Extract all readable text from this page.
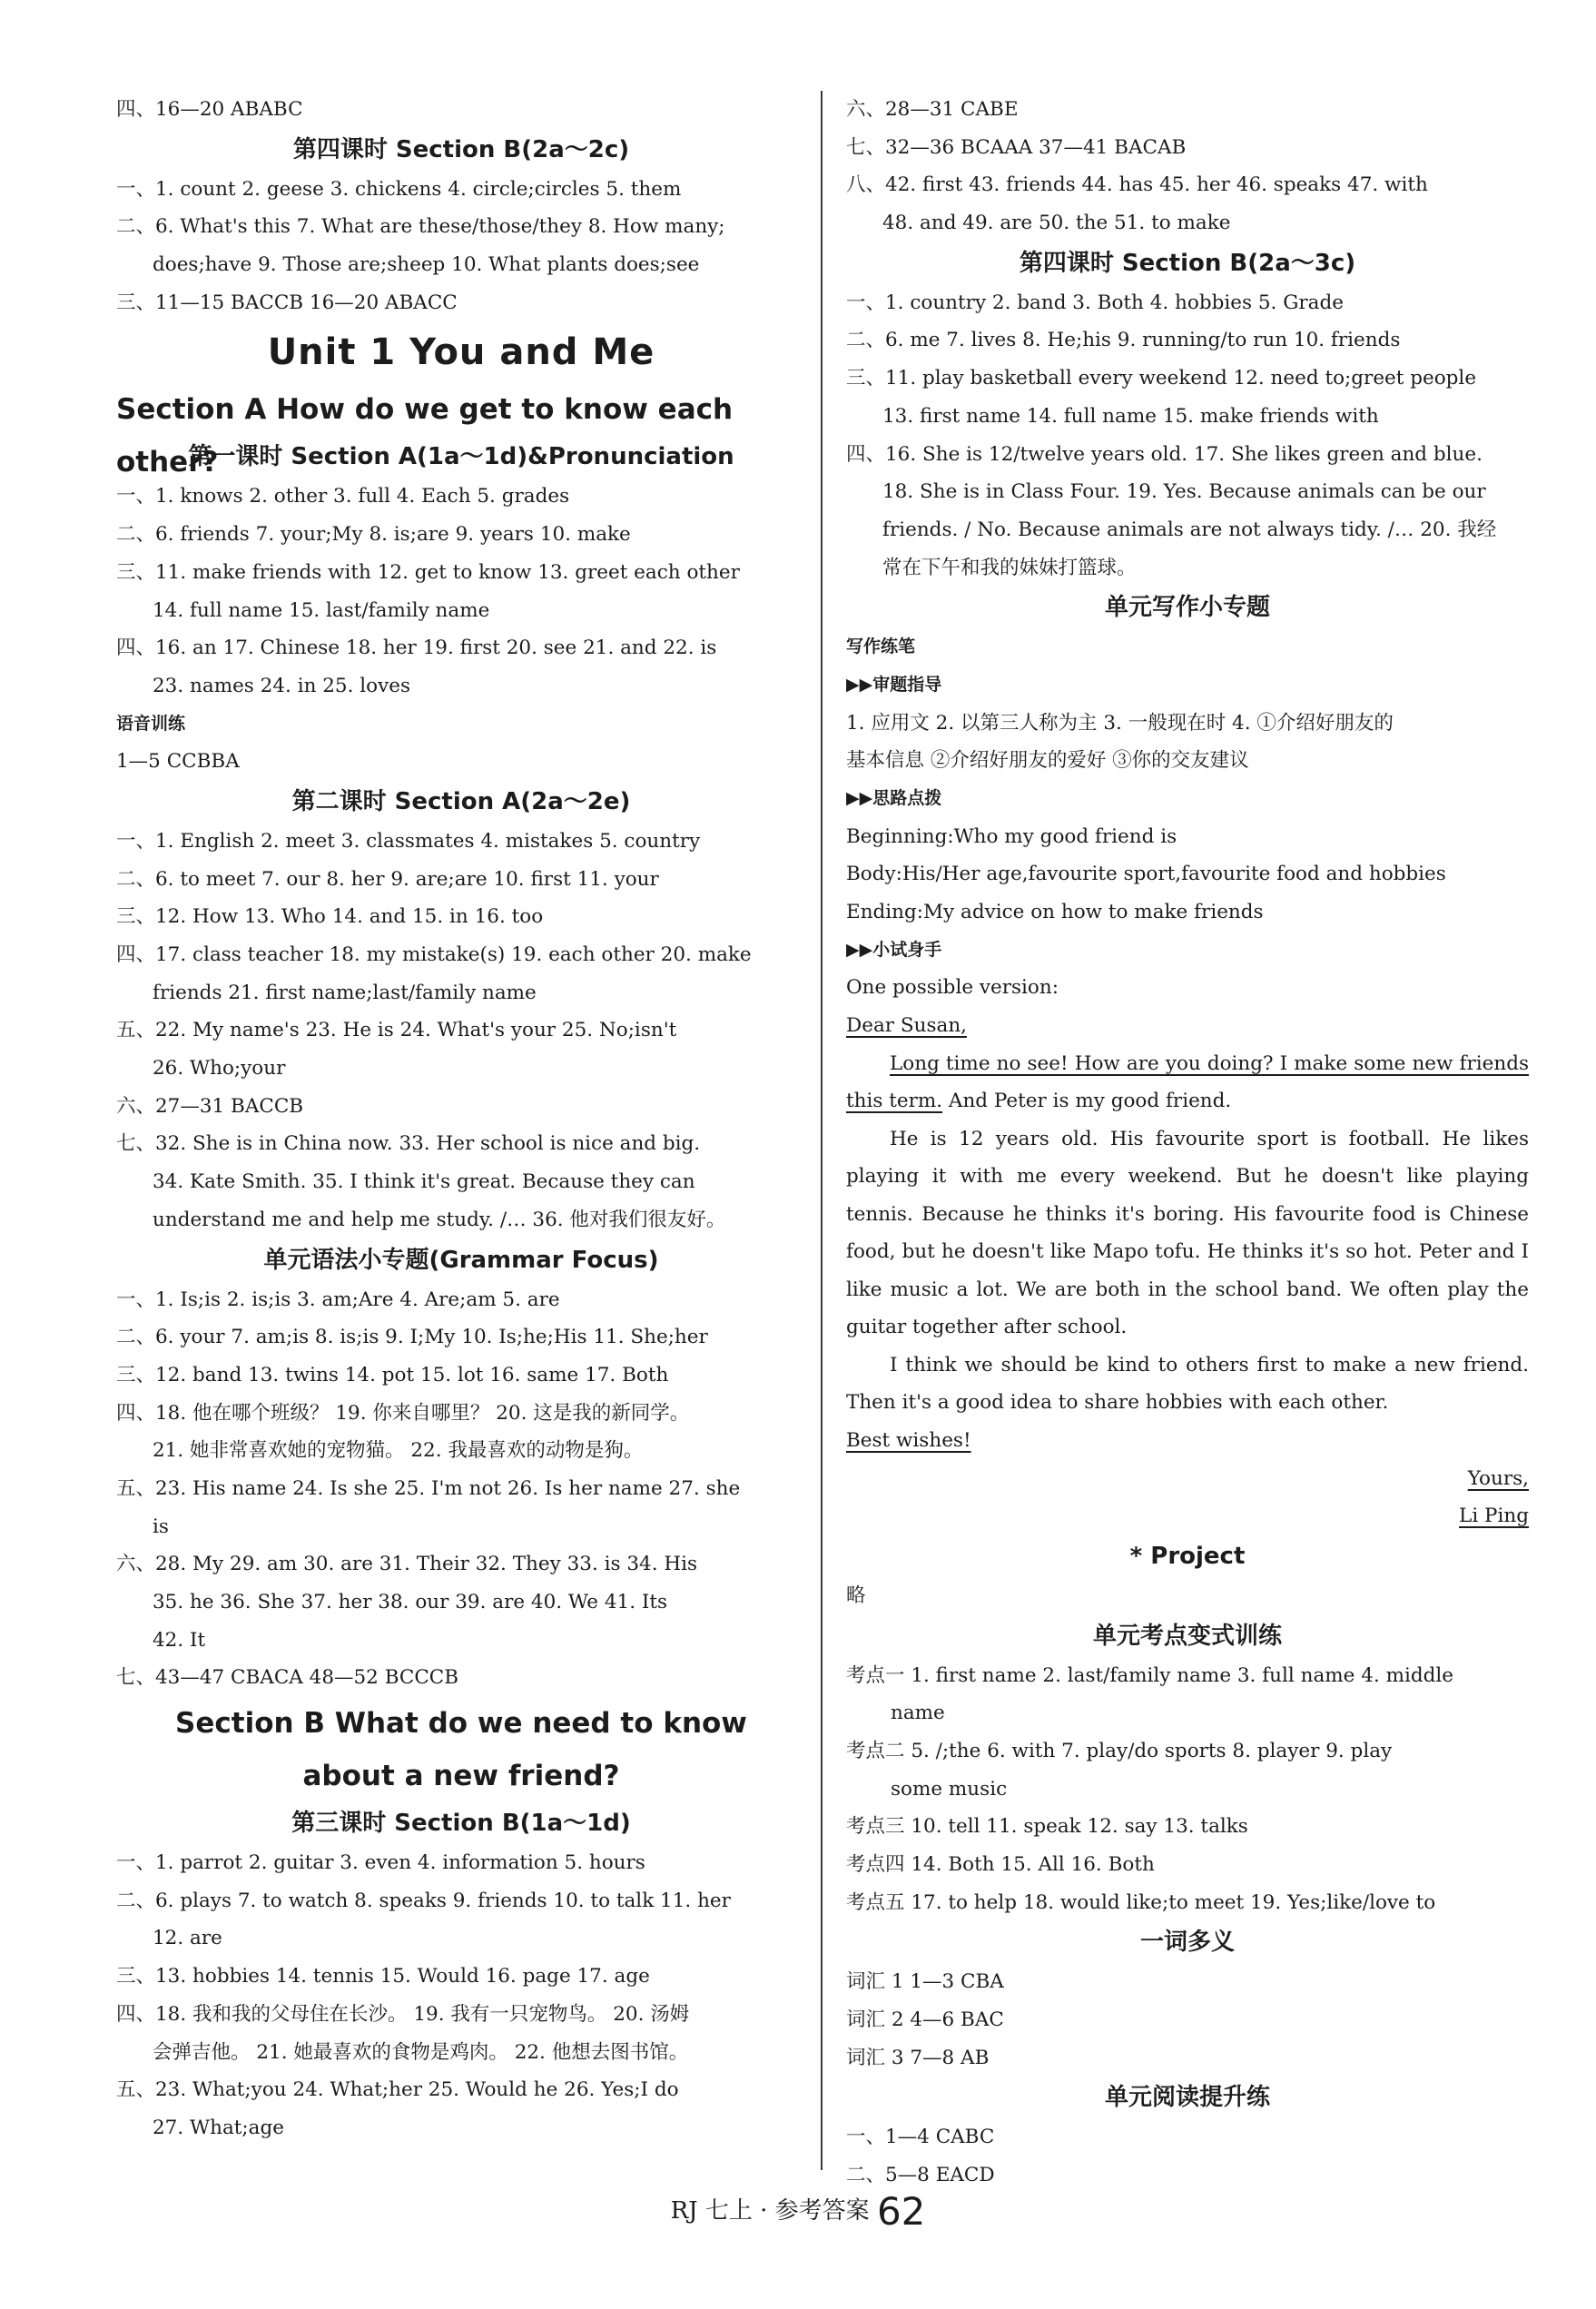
四、16—20 ABABC
第四课时 Section B(2a～2c)
一、1. count 2. geese 3. chickens 4. circle;circles 5. them
二、6. What's this 7. What are these/those/they 8. How many;
does;have 9. Those are;sheep 10. What plants does;see
三、11—15 BACCB 16—20 ABACC
Unit 1 You and Me
Section A How do we get to know each other?
第一课时 Section A(1a～1d)&Pronunciation
一、1. knows 2. other 3. full 4. Each 5. grades
二、6. friends 7. your;My 8. is;are 9. years 10. make
三、11. make friends with 12. get to know 13. greet each other
14. full name 15. last/family name
四、16. an 17. Chinese 18. her 19. first 20. see 21. and 22. is
23. names 24. in 25. loves
语音训练
1—5 CCBBA
第二课时 Section A(2a～2e)
一、1. English 2. meet 3. classmates 4. mistakes 5. country
二、6. to meet 7. our 8. her 9. are;are 10. first 11. your
三、12. How 13. Who 14. and 15. in 16. too
四、17. class teacher 18. my mistake(s) 19. each other 20. make
friends 21. first name;last/family name
五、22. My name's 23. He is 24. What's your 25. No;isn't
26. Who;your
六、27—31 BACCB
七、32. She is in China now. 33. Her school is nice and big.
34. Kate Smith. 35. I think it's great. Because they can
understand me and help me study. /… 36. 他对我们很友好。
单元语法小专题(Grammar Focus)
一、1. Is;is 2. is;is 3. am;Are 4. Are;am 5. are
二、6. your 7. am;is 8. is;is 9. I;My 10. Is;he;His 11. She;her
三、12. band 13. twins 14. pot 15. lot 16. same 17. Both
四、18. 他在哪个班级？ 19. 你来自哪里？ 20. 这是我的新同学。
21. 她非常喜欢她的宠物猫。 22. 我最喜欢的动物是狗。
五、23. His name 24. Is she 25. I'm not 26. Is her name 27. she
is
六、28. My 29. am 30. are 31. Their 32. They 33. is 34. His
35. he 36. She 37. her 38. our 39. are 40. We 41. Its
42. It
七、43—47 CBACA 48—52 BCCCB
Section B What do we need to know
about a new friend?
第三课时 Section B(1a～1d)
一、1. parrot 2. guitar 3. even 4. information 5. hours
二、6. plays 7. to watch 8. speaks 9. friends 10. to talk 11. her
12. are
三、13. hobbies 14. tennis 15. Would 16. page 17. age
四、18. 我和我的父母住在长沙。 19. 我有一只宠物鸟。 20. 汤姆
会弹吉他。 21. 她最喜欢的食物是鸡肉。 22. 他想去图书馆。
五、23. What;you 24. What;her 25. Would he 26. Yes;I do
27. What;age
六、28—31 CABE
七、32—36 BCAAA 37—41 BACAB
八、42. first 43. friends 44. has 45. her 46. speaks 47. with
48. and 49. are 50. the 51. to make
第四课时 Section B(2a～3c)
一、1. country 2. band 3. Both 4. hobbies 5. Grade
二、6. me 7. lives 8. He;his 9. running/to run 10. friends
三、11. play basketball every weekend 12. need to;greet people
13. first name 14. full name 15. make friends with
四、16. She is 12/twelve years old. 17. She likes green and blue.
18. She is in Class Four. 19. Yes. Because animals can be our
friends. / No. Because animals are not always tidy. /… 20. 我经
常在下午和我的妹妹打篮球。
单元写作小专题
写作练笔
▶▶审题指导
1. 应用文 2. 以第三人称为主 3. 一般现在时 4. ①介绍好朋友的
基本信息 ②介绍好朋友的爱好 ③你的交友建议
▶▶思路点拨
Beginning:Who my good friend is
Body:His/Her age,favourite sport,favourite food and hobbies
Ending:My advice on how to make friends
▶▶小试身手
One possible version:
Dear Susan,
Long time no see! How are you doing? I make some new friends this term. And Peter is my good friend.
He is 12 years old. His favourite sport is football. He likes playing it with me every weekend. But he doesn't like playing tennis. Because he thinks it's boring. His favourite food is Chinese food, but he doesn't like Mapo tofu. He thinks it's so hot. Peter and I like music a lot. We are both in the school band. We often play the guitar together after school.
I think we should be kind to others first to make a new friend. Then it's a good idea to share hobbies with each other.
Best wishes!
Yours,
Li Ping
* Project
略
单元考点变式训练
考点一 1. first name 2. last/family name 3. full name 4. middle
name
考点二 5. /;the 6. with 7. play/do sports 8. player 9. play
some music
考点三 10. tell 11. speak 12. say 13. talks
考点四 14. Both 15. All 16. Both
考点五 17. to help 18. would like;to meet 19. Yes;like/love to
一词多义
词汇 1 1—3 CBA
词汇 2 4—6 BAC
词汇 3 7—8 AB
单元阅读提升练
一、1—4 CABC
二、5—8 EACD
RJ 七上 · 参考答案 62
